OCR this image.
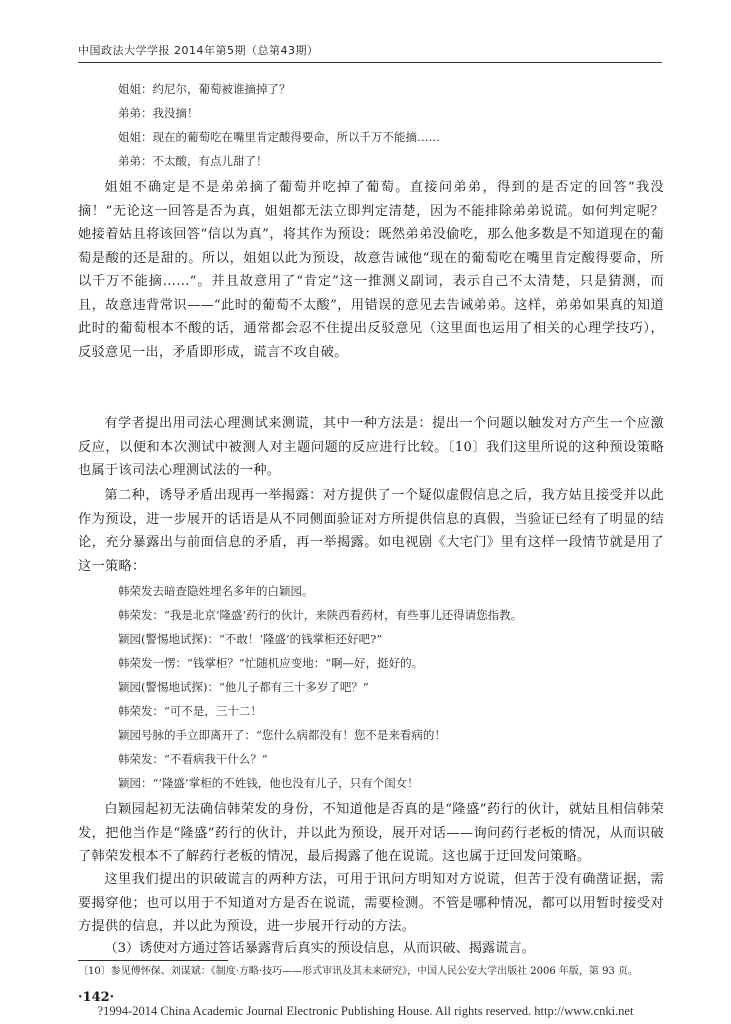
中国政法大学学报 2014年第5期（总第43期）
姐姐：约尼尔，葡萄被谁摘掉了？
弟弟：我没摘！
姐姐：现在的葡萄吃在嘴里肯定酸得要命，所以千万不能摘……
弟弟：不太酸，有点儿甜了！
姐姐不确定是不是弟弟摘了葡萄并吃掉了葡萄。直接问弟弟，得到的是否定的回答“我没摘！”无论这一回答是否为真，姐姐都无法立即判定清楚，因为不能排除弟弟说谎。如何判定呢？她接着姑且将该回答“信以为真”，将其作为预设：既然弟弟没偷吃，那么他多数是不知道现在的葡萄是酸的还是甜的。所以，姐姐以此为预设，故意告诫他“现在的葡萄吃在嘴里肯定酸得要命，所以千万不能摘……”。并且故意用了“肯定”这一推测义副词，表示自己不太清楚，只是猜测，而且，故意违背常识——“此时的葡萄不太酸”，用错误的意见去告诫弟弟。这样，弟弟如果真的知道此时的葡萄根本不酸的话，通常都会忍不住提出反驳意见（这里面也运用了相关的心理学技巧），反驳意见一出，矛盾即形成，谎言不攻自破。
有学者提出用司法心理测试来测谎，其中一种方法是：提出一个问题以触发对方产生一个应激反应，以便和本次测试中被测人对主题问题的反应进行比较。〔10〕我们这里所说的这种预设策略也属于该司法心理测试法的一种。
第二种，诱导矛盾出现再一举揭露：对方提供了一个疑似虚假信息之后，我方姑且接受并以此作为预设，进一步展开的话语是从不同侧面验证对方所提供信息的真假，当验证已经有了明显的结论，充分暴露出与前面信息的矛盾，再一举揭露。如电视剧《大宅门》里有这样一段情节就是用了这一策略：
韩荣发去暗查隐姓埋名多年的白颖园。
韩荣发：“我是北京‘隆盛’药行的伙计，来陕西看药材，有些事儿还得请您指教。
颖园(警惕地试探)：“不敢！‘隆盛’的钱掌柜还好吧?”
韩荣发一愣：“钱掌柜？”忙随机应变地：“啊—好，挺好的。
颖园(警惕地试探)：“他儿子都有三十多岁了吧？”
韩荣发：“可不是，三十二！
颖园号脉的手立即离开了：“您什么病都没有！您不是来看病的！
韩荣发：“不看病我干什么？”
颖园：“‘隆盛’掌柜的不姓钱，他也没有儿子，只有个闺女！
白颖园起初无法确信韩荣发的身份，不知道他是否真的是“隆盛”药行的伙计，就姑且相信韩荣发，把他当作是“隆盛”药行的伙计，并以此为预设，展开对话——询问药行老板的情况，从而识破了韩荣发根本不了解药行老板的情况，最后揭露了他在说谎。这也属于迂回发问策略。
这里我们提出的识破谎言的两种方法，可用于讯问方明知对方说谎，但苦于没有确凿证据，需要揭穿他；也可以用于不知道对方是否在说谎，需要检测。不管是哪种情况，都可以用暂时接受对方提供的信息，并以此为预设，进一步展开行动的方法。
（3）诱使对方通过答话暴露背后真实的预设信息，从而识破、揭露谎言。
〔10〕参见傅怀保、刘谋斌：《制度·方略·技巧——形式审讯及其未来研究》，中国人民公安大学出版社 2006 年版，第 93 页。
·142·
?1994-2014 China Academic Journal Electronic Publishing House. All rights reserved. http://www.cnki.net
